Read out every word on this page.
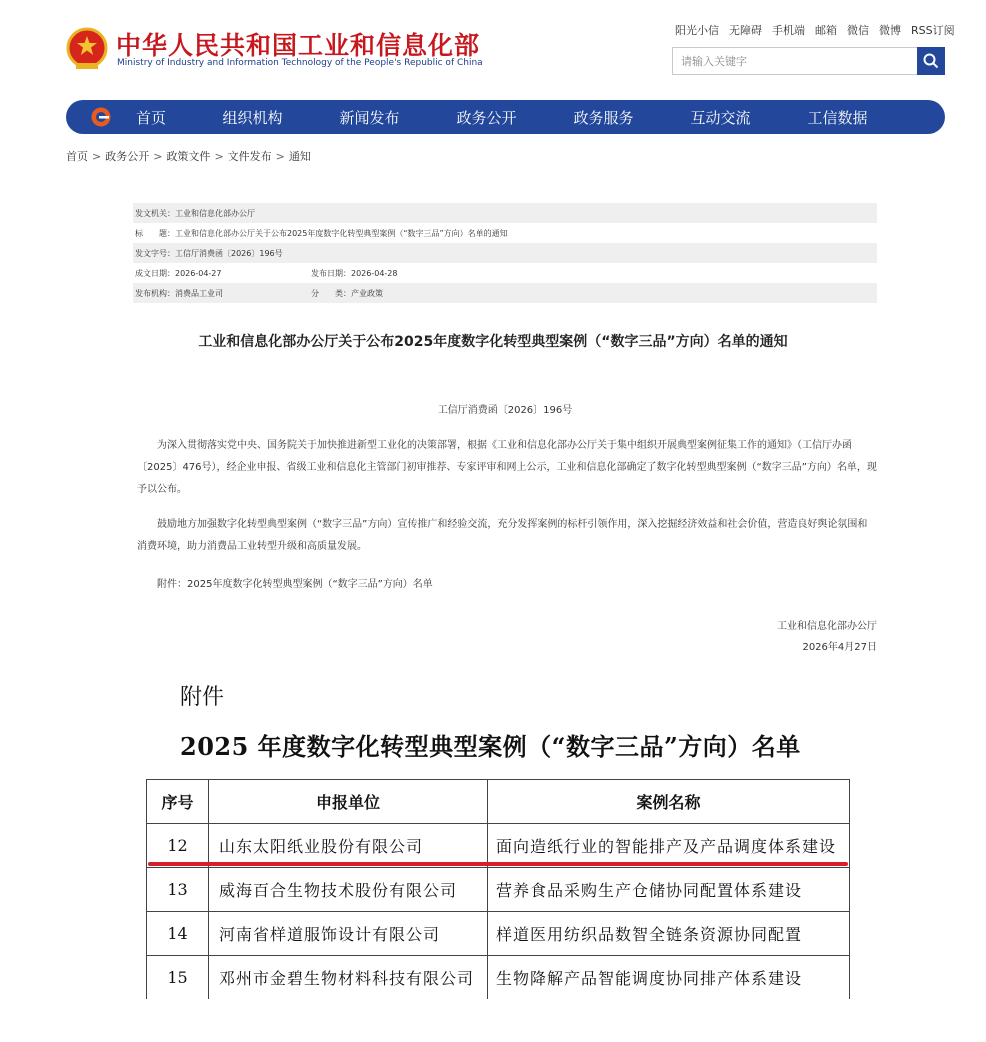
中华人民共和国工业和信息化部
Ministry of Industry and Information Technology of the People's Republic of China
阳光小信 无障碍 手机端 邮箱 微信 微博 RSS订阅
请输入关键字
首页	组织机构	新闻发布	政务公开	政务服务	互动交流	工信数据
首页 > 政务公开 > 政策文件 > 文件发布 > 通知
发文机关：工业和信息化部办公厅
标　　题：工业和信息化部办公厅关于公布2025年度数字化转型典型案例（“数字三品”方向）名单的通知
发文字号：工信厅消费函〔2026〕196号
成文日期：2026-04-27	发布日期：2026-04-28
发布机构：消费品工业司	分　　类：产业政策
工业和信息化部办公厅关于公布2025年度数字化转型典型案例（“数字三品”方向）名单的通知
工信厅消费函〔2026〕196号
为深入贯彻落实党中央、国务院关于加快推进新型工业化的决策部署，根据《工业和信息化部办公厅关于集中组织开展典型案例征集工作的通知》（工信厅办函〔2025〕476号），经企业申报、省级工业和信息化主管部门初审推荐、专家评审和网上公示，工业和信息化部确定了数字化转型典型案例（“数字三品”方向）名单，现予以公布。
鼓励地方加强数字化转型典型案例（“数字三品”方向）宣传推广和经验交流，充分发挥案例的标杆引领作用，深入挖掘经济效益和社会价值，营造良好舆论氛围和消费环境，助力消费品工业转型升级和高质量发展。
附件：2025年度数字化转型典型案例（“数字三品”方向）名单
工业和信息化部办公厅
2026年4月27日
附件
2025 年度数字化转型典型案例（“数字三品”方向）名单
序号	申报单位	案例名称
12	山东太阳纸业股份有限公司	面向造纸行业的智能排产及产品调度体系建设
13	威海百合生物技术股份有限公司	营养食品采购生产仓储协同配置体系建设
14	河南省样道服饰设计有限公司	样道医用纺织品数智全链条资源协同配置
15	邓州市金碧生物材料科技有限公司	生物降解产品智能调度协同排产体系建设
